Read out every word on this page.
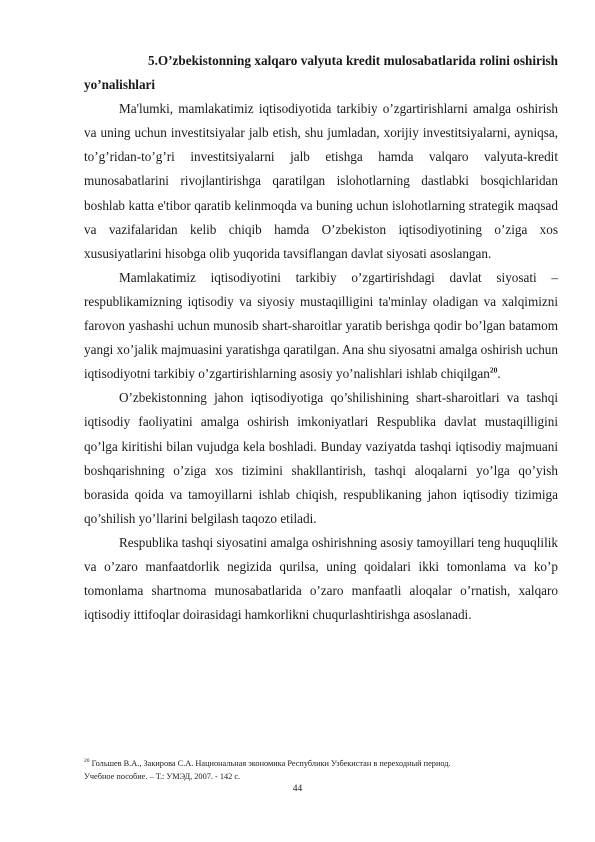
5.O’zbekistonning xalqaro valyuta kredit mulosabatlarida rolini oshirish yo’nalishlari

Ma'lumki, mamlakatimiz iqtisodiyotida tarkibiy o’zgartirishlarni amalga oshirish va uning uchun investitsiyalar jalb etish, shu jumladan, xorijiy investitsiyalarni, ayniqsa, to’g’ridan-to’g’ri investitsiyalarni jalb etishga hamda valqaro valyuta-kredit munosabatlarini rivojlantirishga qaratilgan islohotlarning dastlabki bosqichlaridan boshlab katta e'tibor qaratib kelinmoqda va buning uchun islohotlarning strategik maqsad va vazifalaridan kelib chiqib hamda O’zbekiston iqtisodiyotining o’ziga xos xususiyatlarini hisobga olib yuqorida tavsiflangan davlat siyosati asoslangan.

Mamlakatimiz iqtisodiyotini tarkibiy o’zgartirishdagi davlat siyosati – respublikamizning iqtisodiy va siyosiy mustaqilligini ta'minlay oladigan va xalqimizni farovon yashashi uchun munosib shart-sharoitlar yaratib berishga qodir bo’lgan batamom yangi xo’jalik majmuasini yaratishga qaratilgan. Ana shu siyosatni amalga oshirish uchun iqtisodiyotni tarkibiy o’zgartirishlarning asosiy yo’nalishlari ishlab chiqilgan$^{20}$.

O’zbekistonning jahon iqtisodiyotiga qo’shilishining shart-sharoitlari va tashqi iqtisodiy faoliyatini amalga oshirish imkoniyatlari Respublika davlat mustaqilligini qo’lga kiritishi bilan vujudga kela boshladi. Bunday vaziyatda tashqi iqtisodiy majmuani boshqarishning o’ziga xos tizimini shakllantirish, tashqi aloqalarni yo’lga qo’yish borasida qoida va tamoyillarni ishlab chiqish, respublikaning jahon iqtisodiy tizimiga qo’shilish yo’llarini belgilash taqozo etiladi.

Respublika tashqi siyosatini amalga oshirishning asosiy tamoyillari teng huquqlilik va o’zaro manfaatdorlik negizida qurilsa, uning qoidalari ikki tomonlama va ko’p tomonlama shartnoma munosabatlarida o’zaro manfaatli aloqalar o’rnatish, xalqaro iqtisodiy ittifoqlar doirasidagi hamkorlikni chuqurlashtirishga asoslanadi.

$^{20}$ Гольшев В.А., Закирова С.А. Национальная экономика Республики Узбекистан в переходный период.
Учебное пособие. – Т.: УМЭД, 2007. - 142 с.
44
